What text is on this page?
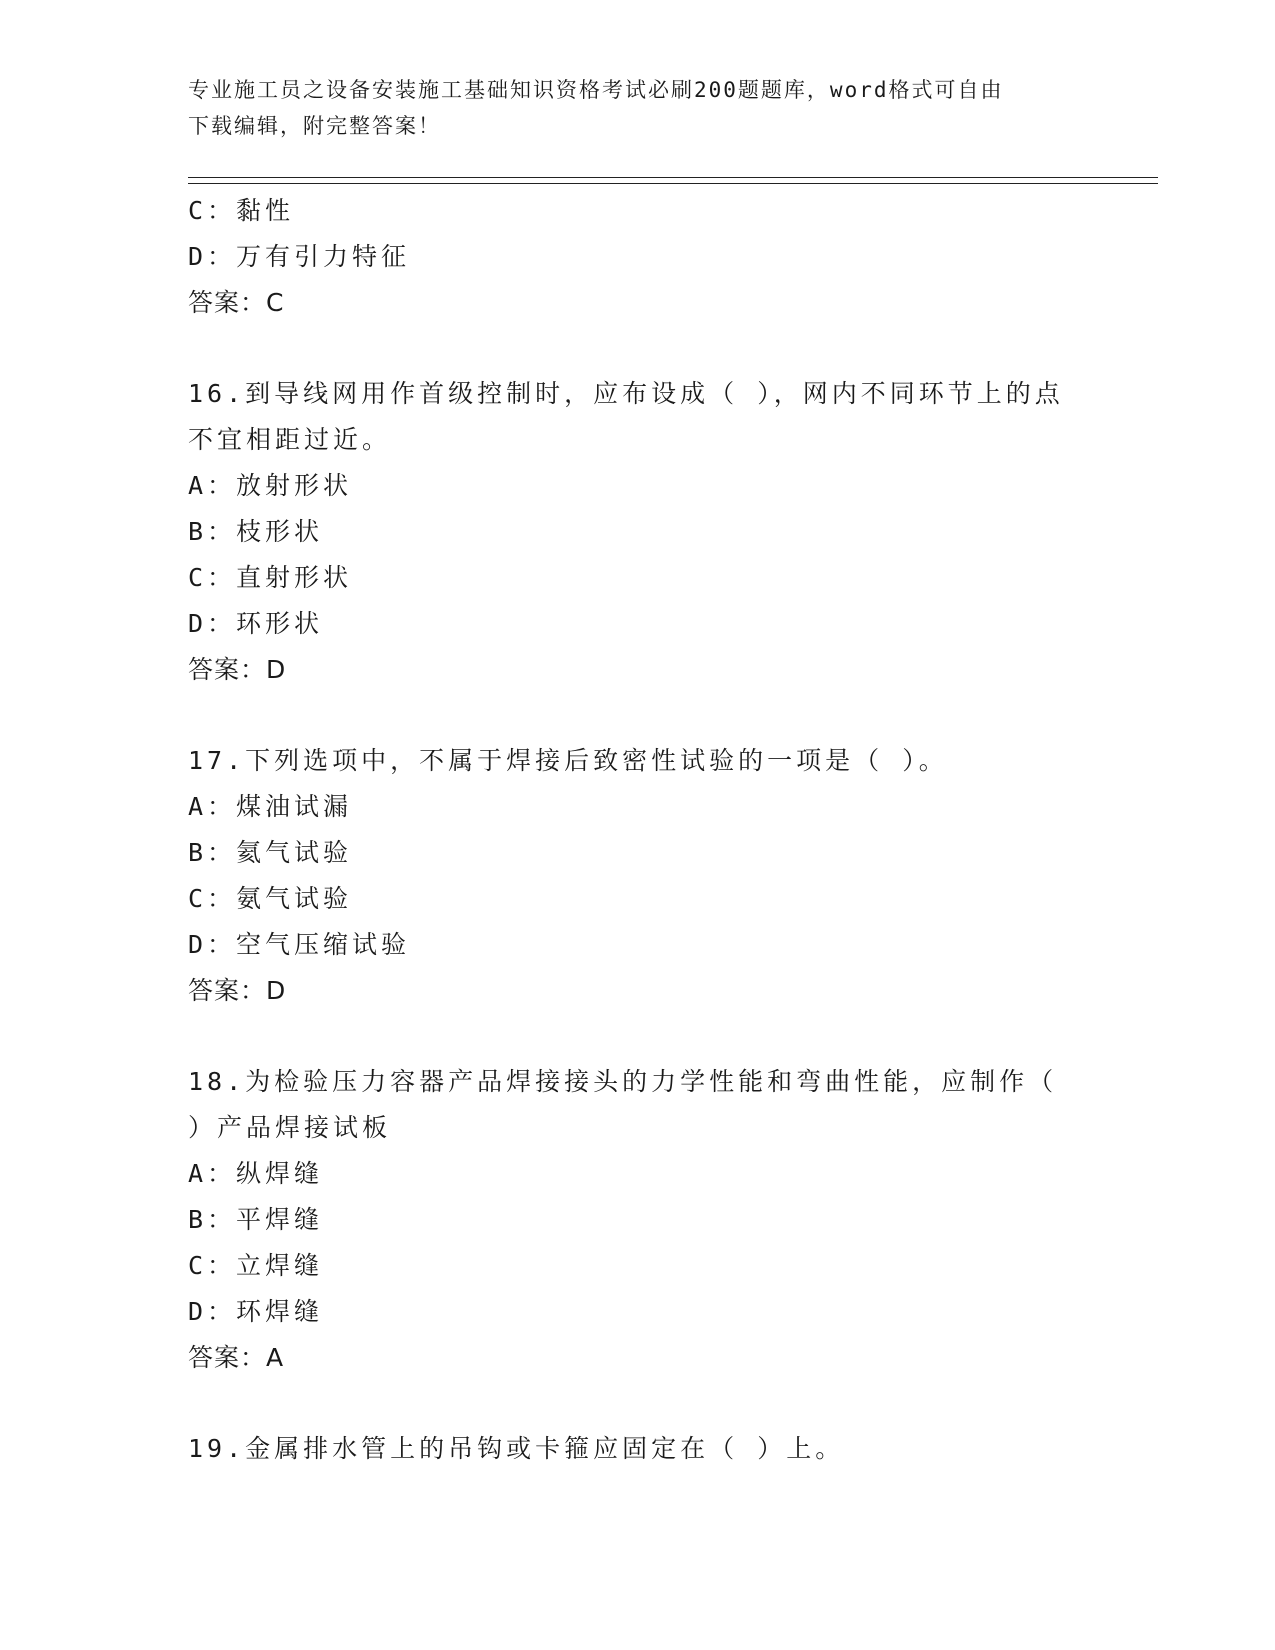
专业施工员之设备安装施工基础知识资格考试必刷200题题库，word格式可自由
下载编辑，附完整答案！
C：黏性
D：万有引力特征
答案：C
16.到导线网用作首级控制时，应布设成（ ），网内不同环节上的点
不宜相距过近。
A：放射形状
B：枝形状
C：直射形状
D：环形状
答案：D
17.下列选项中，不属于焊接后致密性试验的一项是（ ）。
A：煤油试漏
B：氦气试验
C：氨气试验
D：空气压缩试验
答案：D
18.为检验压力容器产品焊接接头的力学性能和弯曲性能，应制作（
）产品焊接试板
A：纵焊缝
B：平焊缝
C：立焊缝
D：环焊缝
答案：A
19.金属排水管上的吊钩或卡箍应固定在（ ）上。
